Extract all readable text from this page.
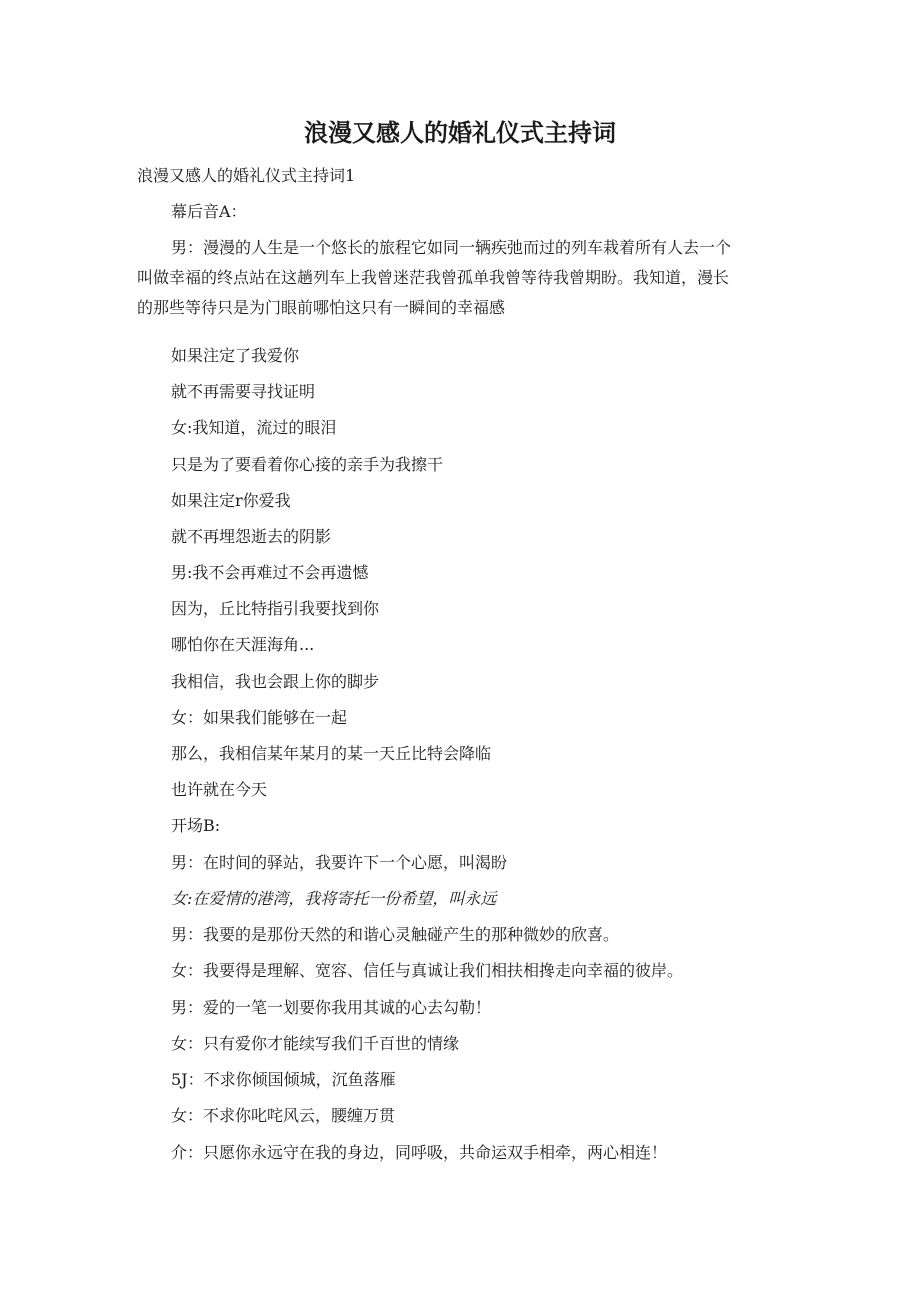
浪漫又感人的婚礼仪式主持词
浪漫又感人的婚礼仪式主持词1
幕后音A：
男：漫漫的人生是一个悠长的旅程它如同一辆疾弛而过的列车栽着所有人去一个
叫做幸福的终点站在这趟列车上我曾迷茫我曾孤单我曾等待我曾期盼。我知道，漫长
的那些等待只是为门眼前哪怕这只有一瞬间的幸福感
如果注定了我爱你
就不再需要寻找证明
女:我知道，流过的眼泪
只是为了要看着你心接的亲手为我擦干
如果注定r你爱我
就不再埋怨逝去的阴影
男:我不会再难过不会再遗憾
因为，丘比特指引我要找到你
哪怕你在天涯海角...
我相信，我也会跟上你的脚步
女：如果我们能够在一起
那么，我相信某年某月的某一天丘比特会降临
也许就在今天
开场B:
男：在时间的驿站，我要许下一个心愿，叫渴盼
女:在爱情的港湾，我将寄托一份希望，叫永远
男：我要的是那份天然的和谐心灵触碰产生的那种微妙的欣喜。
女：我要得是理解、宽容、信任与真诚让我们相扶相搀走向幸福的彼岸。
男：爱的一笔一划要你我用其诚的心去勾勒！
女：只有爱你才能续写我们千百世的情缘
5J：不求你倾国倾城，沉鱼落雁
女：不求你叱咤风云，腰缠万贯
介：只愿你永远守在我的身边，同呼吸，共命运双手相牵，两心相连！
